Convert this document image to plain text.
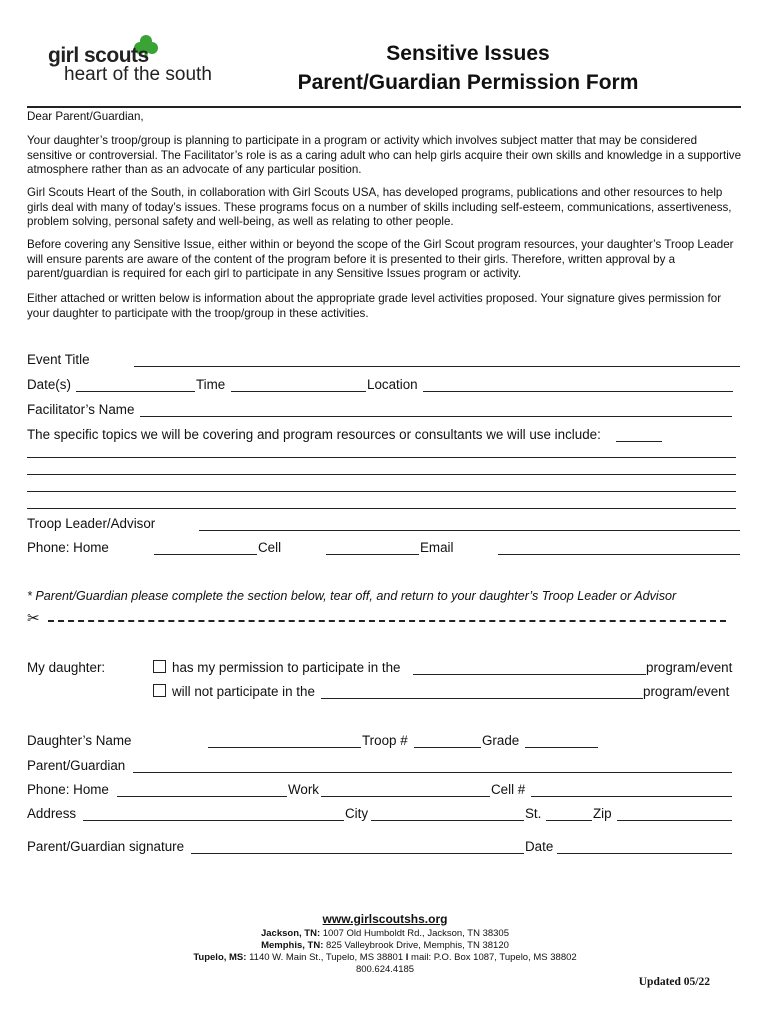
girl scouts
heart of the south
Sensitive Issues
Parent/Guardian Permission Form

Dear Parent/Guardian,

Your daughter’s troop/group is planning to participate in a program or activity which involves subject matter that may be considered sensitive or controversial. The Facilitator’s role is as a caring adult who can help girls acquire their own skills and knowledge in a supportive atmosphere rather than as an advocate of any particular position.

Girl Scouts Heart of the South, in collaboration with Girl Scouts USA, has developed programs, publications and other resources to help girls deal with many of today’s issues. These programs focus on a number of skills including self-esteem, communications, assertiveness, problem solving, personal safety and well-being, as well as relating to other people.

Before covering any Sensitive Issue, either within or beyond the scope of the Girl Scout program resources, your daughter’s Troop Leader will ensure parents are aware of the content of the program before it is presented to their girls. Therefore, written approval by a parent/guardian is required for each girl to participate in any Sensitive Issues program or activity.

Either attached or written below is information about the appropriate grade level activities proposed. Your signature gives permission for your daughter to participate with the troop/group in these activities.

Event Title
Date(s)	Time	Location
Facilitator’s Name
The specific topics we will be covering and program resources or consultants we will use include:
Troop Leader/Advisor
Phone: Home	Cell	Email
* Parent/Guardian please complete the section below, tear off, and return to your daughter’s Troop Leader or Advisor
✂
My daughter:	has my permission to participate in the	program/event
will not participate in the	program/event
Daughter’s Name	Troop #	Grade
Parent/Guardian
Phone: Home	Work	Cell #
Address	City	St.	Zip
Parent/Guardian signature	Date
www.girlscoutshs.org
Jackson, TN: 1007 Old Humboldt Rd., Jackson, TN 38305
Memphis, TN: 825 Valleybrook Drive, Memphis, TN 38120
Tupelo, MS: 1140 W. Main St., Tupelo, MS 38801 I mail: P.O. Box 1087, Tupelo, MS 38802
800.624.4185
Updated 05/22
